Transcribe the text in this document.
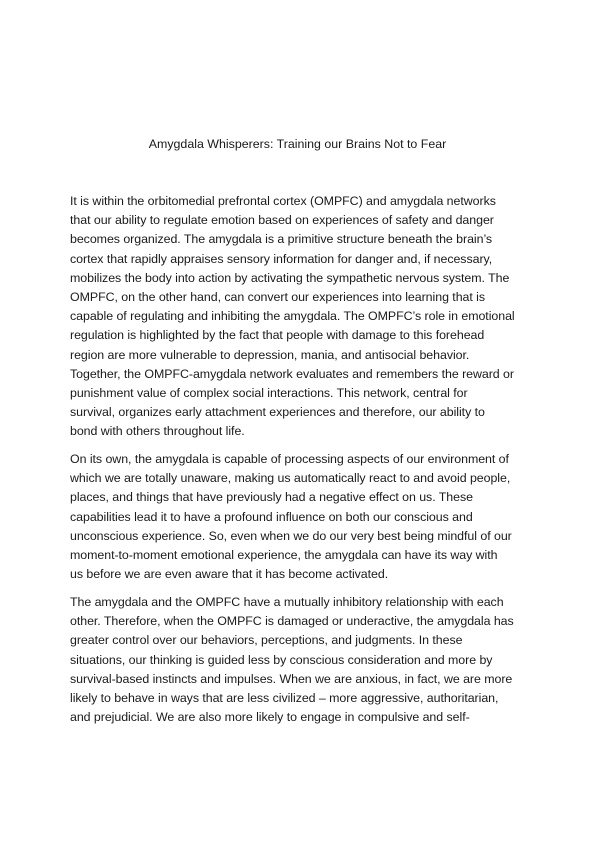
Amygdala Whisperers: Training our Brains Not to Fear
It is within the orbitomedial prefrontal cortex (OMPFC) and amygdala networks
that our ability to regulate emotion based on experiences of safety and danger
becomes organized. The amygdala is a primitive structure beneath the brain’s
cortex that rapidly appraises sensory information for danger and, if necessary,
mobilizes the body into action by activating the sympathetic nervous system. The
OMPFC, on the other hand, can convert our experiences into learning that is
capable of regulating and inhibiting the amygdala. The OMPFC’s role in emotional
regulation is highlighted by the fact that people with damage to this forehead
region are more vulnerable to depression, mania, and antisocial behavior.
Together, the OMPFC-amygdala network evaluates and remembers the reward or
punishment value of complex social interactions. This network, central for
survival, organizes early attachment experiences and therefore, our ability to
bond with others throughout life.
On its own, the amygdala is capable of processing aspects of our environment of
which we are totally unaware, making us automatically react to and avoid people,
places, and things that have previously had a negative effect on us. These
capabilities lead it to have a profound influence on both our conscious and
unconscious experience. So, even when we do our very best being mindful of our
moment-to-moment emotional experience, the amygdala can have its way with
us before we are even aware that it has become activated.
The amygdala and the OMPFC have a mutually inhibitory relationship with each
other. Therefore, when the OMPFC is damaged or underactive, the amygdala has
greater control over our behaviors, perceptions, and judgments. In these
situations, our thinking is guided less by conscious consideration and more by
survival-based instincts and impulses. When we are anxious, in fact, we are more
likely to behave in ways that are less civilized – more aggressive, authoritarian,
and prejudicial. We are also more likely to engage in compulsive and self-
